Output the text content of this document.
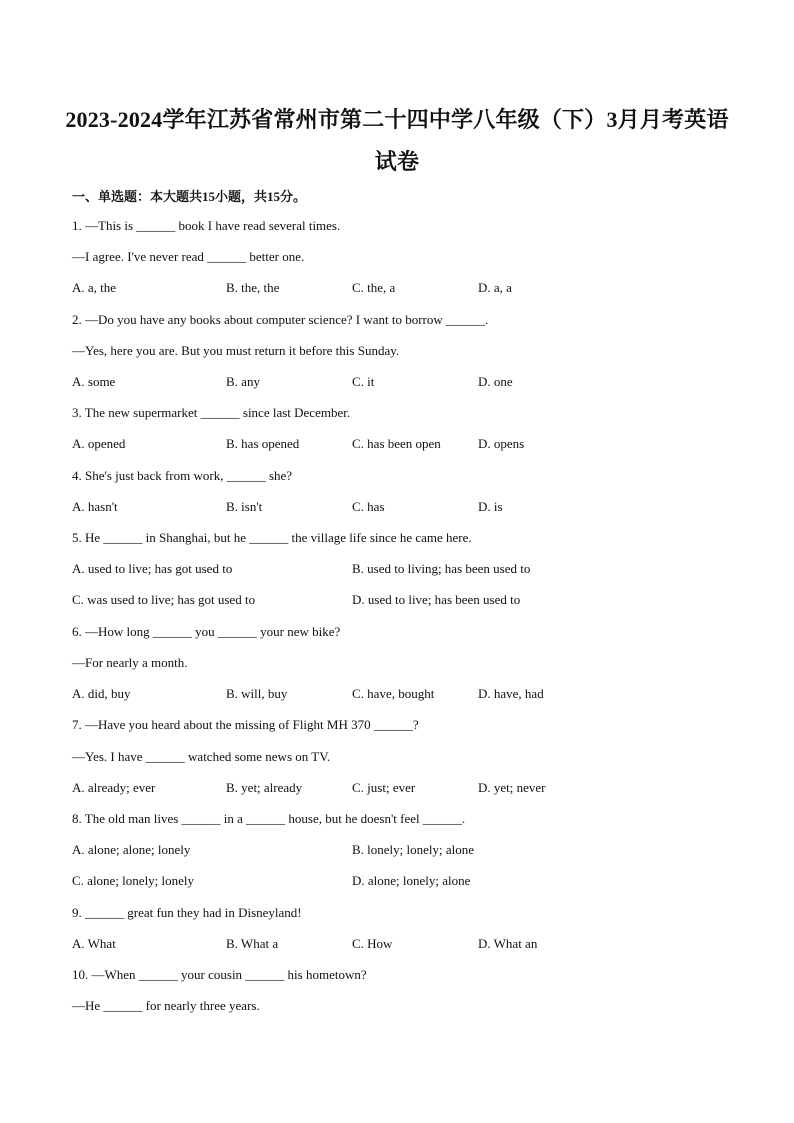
2023-2024学年江苏省常州市第二十四中学八年级（下）3月月考英语
试卷
一、单选题：本大题共15小题，共15分。
1. —This is ______ book I have read several times.
—I agree. I've never read ______ better one.
A. a, the	B. the, the	C. the, a	D. a, a
2. —Do you have any books about computer science? I want to borrow ______.
—Yes, here you are. But you must return it before this Sunday.
A. some	B. any	C. it	D. one
3. The new supermarket ______ since last December.
A. opened	B. has opened	C. has been open	D. opens
4. She's just back from work, ______ she?
A. hasn't	B. isn't	C. has	D. is
5. He ______ in Shanghai, but he ______ the village life since he came here.
A. used to live; has got used to	B. used to living; has been used to
C. was used to live; has got used to	D. used to live; has been used to
6. —How long ______ you ______ your new bike?
—For nearly a month.
A. did, buy	B. will, buy	C. have, bought	D. have, had
7. —Have you heard about the missing of Flight MH 370 ______?
—Yes. I have ______ watched some news on TV.
A. already; ever	B. yet; already	C. just; ever	D. yet; never
8. The old man lives ______ in a ______ house, but he doesn't feel ______.
A. alone; alone; lonely	B. lonely; lonely; alone
C. alone; lonely; lonely	D. alone; lonely; alone
9. ______ great fun they had in Disneyland!
A. What	B. What a	C. How	D. What an
10. —When ______ your cousin ______ his hometown?
—He ______ for nearly three years.
